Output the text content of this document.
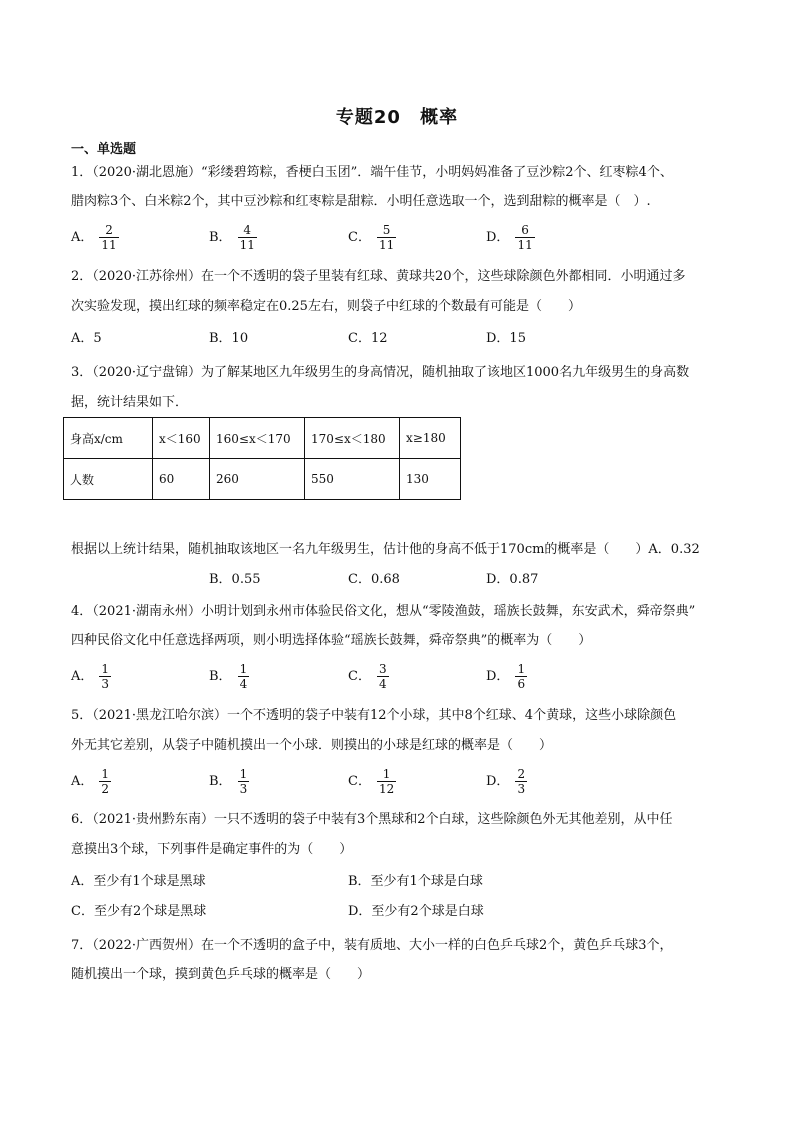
专题20 概率
一、单选题
1．（2020·湖北恩施）“彩缕碧筠粽，香梗白玉团”．端午佳节，小明妈妈准备了豆沙粽2个、红枣粽4个、
腊肉粽3个、白米粽2个，其中豆沙粽和红枣粽是甜粽．小明任意选取一个，选到甜粽的概率是（　）.
A． $\frac{2}{11}$	B． $\frac{4}{11}$	C． $\frac{5}{11}$	D． $\frac{6}{11}$
2．（2020·江苏徐州）在一个不透明的袋子里装有红球、黄球共20个，这些球除颜色外都相同．小明通过多
次实验发现，摸出红球的频率稳定在0.25左右，则袋子中红球的个数最有可能是（　　）
A．5	B．10	C．12	D．15
3．（2020·辽宁盘锦）为了解某地区九年级男生的身高情况，随机抽取了该地区1000名九年级男生的身高数
据，统计结果如下．
身高x/cm	x＜160	160≤x＜170	170≤x＜180	x≥180
人数	60	260	550	130
根据以上统计结果，随机抽取该地区一名九年级男生，估计他的身高不低于170cm的概率是（　　）A．0.32
B．0.55	C．0.68	D．0.87
4．（2021·湖南永州）小明计划到永州市体验民俗文化，想从“零陵渔鼓，瑶族长鼓舞，东安武术，舜帝祭典”
四种民俗文化中任意选择两项，则小明选择体验“瑶族长鼓舞，舜帝祭典”的概率为（　　）
A． $\frac{1}{3}$	B． $\frac{1}{4}$	C． $\frac{3}{4}$	D． $\frac{1}{6}$
5．（2021·黑龙江哈尔滨）一个不透明的袋子中装有12个小球，其中8个红球、4个黄球，这些小球除颜色
外无其它差别，从袋子中随机摸出一个小球．则摸出的小球是红球的概率是（　　）
A． $\frac{1}{2}$	B． $\frac{1}{3}$	C． $\frac{1}{12}$	D． $\frac{2}{3}$
6．（2021·贵州黔东南）一只不透明的袋子中装有3个黑球和2个白球，这些除颜色外无其他差别，从中任
意摸出3个球，下列事件是确定事件的为（　　）
A．至少有1个球是黑球	B．至少有1个球是白球
C．至少有2个球是黑球	D．至少有2个球是白球
7．（2022·广西贺州）在一个不透明的盒子中，装有质地、大小一样的白色乒乓球2个，黄色乒乓球3个，
随机摸出一个球，摸到黄色乒乓球的概率是（　　）
